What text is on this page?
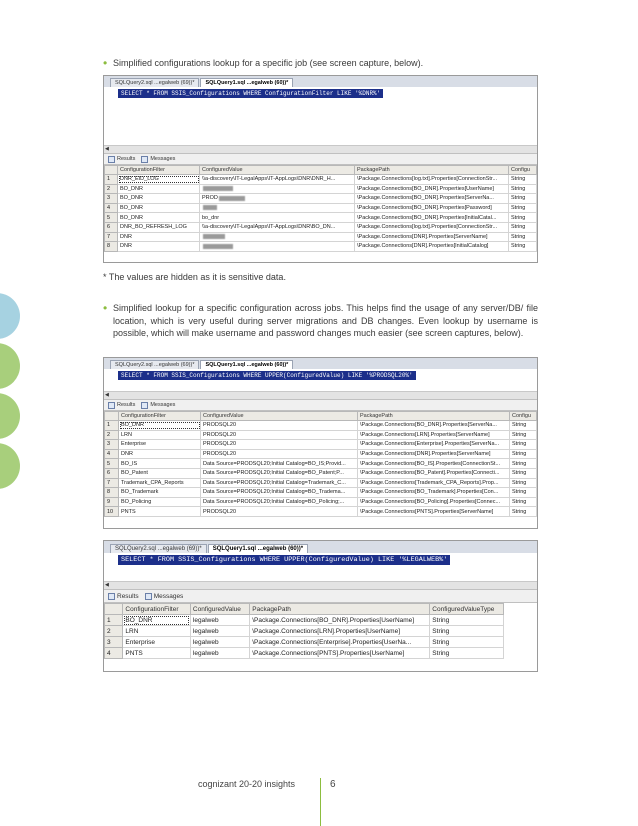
• Simplified configurations lookup for a specific job (see screen capture, below).
SQLQuery2.sql ...egalweb (69))*	SQLQuery1.sql ...egalweb (60))*
SELECT * FROM SSIS_Configurations WHERE ConfigurationFilter LIKE '%DNR%'
◀
Results	Messages
	ConfigurationFilter	ConfiguredValue	PackagePath	Configu
1	DNR_EID_LOG	\\a-discovery\IT-LegalApps\IT-AppLogs\DNR\DNR_H...	\Package.Connections[log.txt].Properties[ConnectionStr...	String
2	BO_DNR		\Package.Connections[BO_DNR].Properties[UserName]	String
3	BO_DNR	PROD	\Package.Connections[BO_DNR].Properties[ServerNa...	String
4	BO_DNR		\Package.Connections[BO_DNR].Properties[Password]	String
5	BO_DNR	bo_dnr	\Package.Connections[BO_DNR].Properties[InitialCatal...	String
6	DNR_BO_REFRESH_LOG	\\a-discovery\IT-LegalApps\IT-AppLogs\DNR\BO_DN...	\Package.Connections[log.txt].Properties[ConnectionStr...	String
7	DNR		\Package.Connections[DNR].Properties[ServerName]	String
8	DNR		\Package.Connections[DNR].Properties[InitialCatalog]	String
* The values are hidden as it is sensitive data.
• Simplified lookup for a specific configuration across jobs. This helps find the usage of any server/DB/ file location, which is very useful during server migrations and DB changes. Even lookup by username is possible, which will make username and password changes much easier (see screen captures, below).
SQLQuery2.sql ...egalweb (69))*	SQLQuery1.sql ...egalweb (60))*
SELECT * FROM SSIS_Configurations WHERE UPPER(ConfiguredValue) LIKE '%PRODSQL20%'
◀
Results	Messages
	ConfigurationFilter	ConfiguredValue	PackagePath	Configu
1	BO_DNR	PRODSQL20	\Package.Connections[BO_DNR].Properties[ServerNa...	String
2	LRN	PRODSQL20	\Package.Connections[LRN].Properties[ServerName]	String
3	Enterprise	PRODSQL20	\Package.Connections[Enterprise].Properties[ServerNa...	String
4	DNR	PRODSQL20	\Package.Connections[DNR].Properties[ServerName]	String
5	BO_IS	Data Source=PRODSQL20;Initial Catalog=BO_IS;Provid...	\Package.Connections[BO_IS].Properties[ConnectionSt...	String
6	BO_Patent	Data Source=PRODSQL20;Initial Catalog=BO_Patent;P...	\Package.Connections[BO_Patent].Properties[Connecti...	String
7	Trademark_CPA_Reports	Data Source=PRODSQL20;Initial Catalog=Trademark_C...	\Package.Connections[Trademark_CPA_Reports].Prop...	String
8	BO_Trademark	Data Source=PRODSQL20;Initial Catalog=BO_Tradema...	\Package.Connections[BO_Trademark].Properties[Con...	String
9	BO_Policing	Data Source=PRODSQL20;Initial Catalog=BO_Policing;...	\Package.Connections[BO_Policing].Properties[Connec...	String
10	PNTS	PRODSQL20	\Package.Connections[PNTS].Properties[ServerName]	String
SQLQuery2.sql ...egalweb (69))*	SQLQuery1.sql ...egalweb (60))*
SELECT * FROM SSIS_Configurations WHERE UPPER(ConfiguredValue) LIKE '%LEGALWEB%'
◀
Results Messages
	ConfigurationFilter	ConfiguredValue	PackagePath	ConfiguredValueType
1	BO_DNR	legalweb	\Package.Connections[BO_DNR].Properties[UserName]	String
2	LRN	legalweb	\Package.Connections[LRN].Properties[UserName]	String
3	Enterprise	legalweb	\Package.Connections[Enterprise].Properties[UserNa...	String
4	PNTS	legalweb	\Package.Connections[PNTS].Properties[UserName]	String
cognizant 20-20 insights	6
